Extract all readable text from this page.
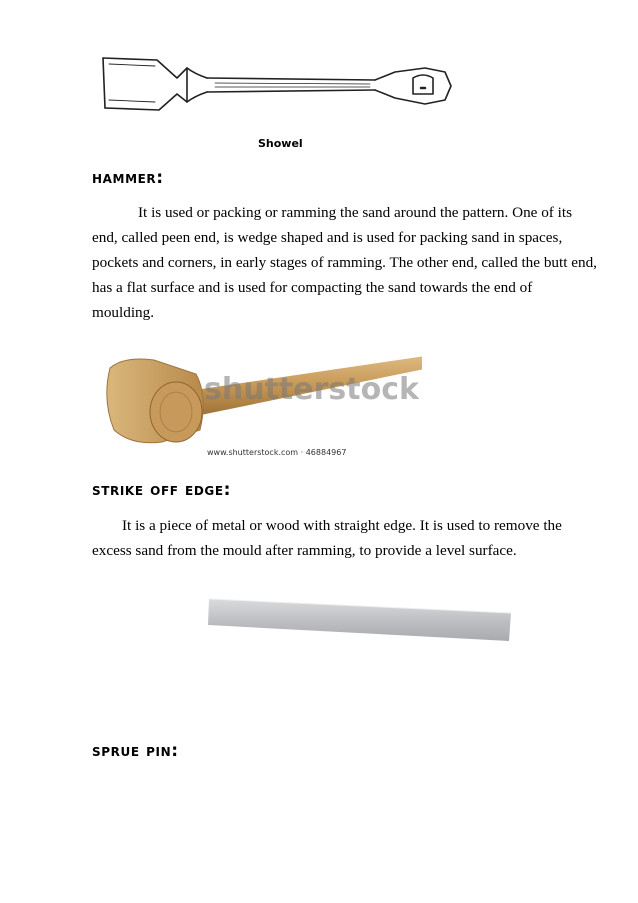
Showel
hammer:
It is used or packing or ramming the sand around the pattern. One of its end, called peen end, is wedge shaped and is used for packing sand in spaces, pockets and corners, in early stages of ramming. The other end, called the butt end, has a flat surface and is used for compacting the sand towards the end of moulding.
shutterstock
www.shutterstock.com · 46884967
strike off edge:
It is a piece of metal or wood with straight edge. It is used to remove the excess sand from the mould after ramming, to provide a level surface.
sprue pin:
